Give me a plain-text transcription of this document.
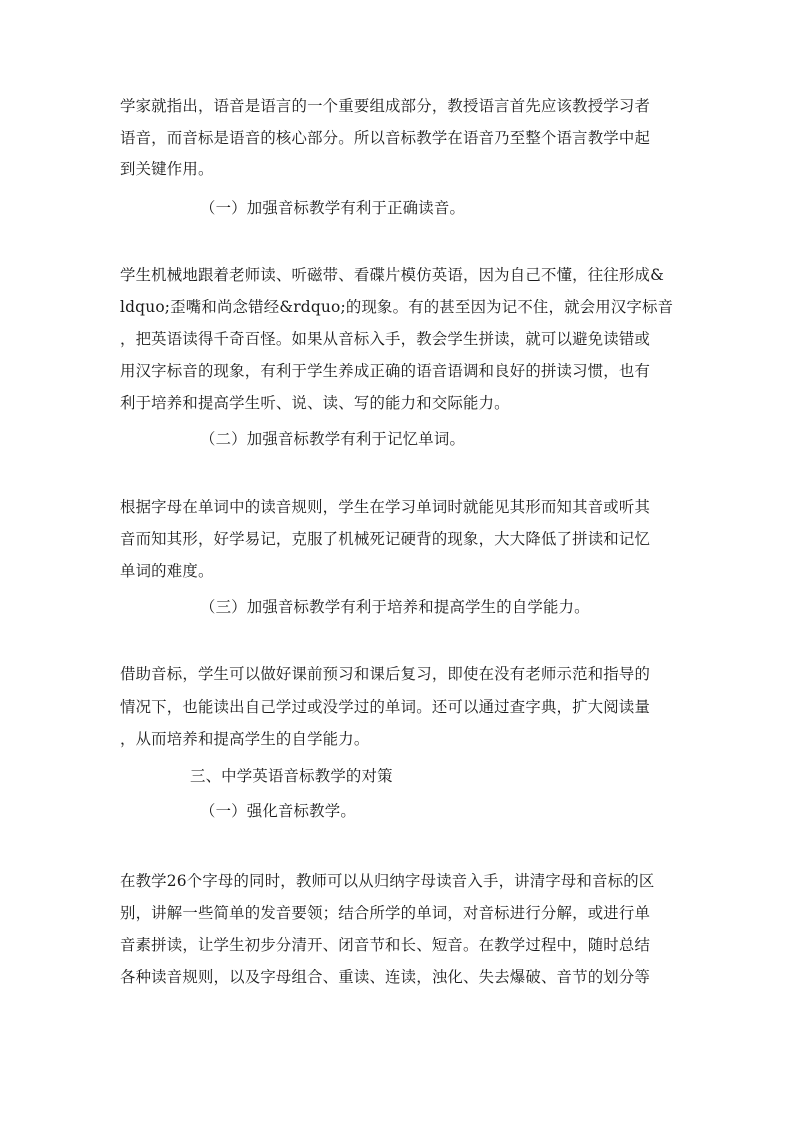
学家就指出，语音是语言的一个重要组成部分，教授语言首先应该教授学习者
语音，而音标是语音的核心部分。所以音标教学在语音乃至整个语言教学中起
到关键作用。
（一）加强音标教学有利于正确读音。
学生机械地跟着老师读、听磁带、看碟片模仿英语，因为自己不懂，往往形成&
ldquo;歪嘴和尚念错经&rdquo;的现象。有的甚至因为记不住，就会用汉字标音
，把英语读得千奇百怪。如果从音标入手，教会学生拼读，就可以避免读错或
用汉字标音的现象，有利于学生养成正确的语音语调和良好的拼读习惯，也有
利于培养和提高学生听、说、读、写的能力和交际能力。
（二）加强音标教学有利于记忆单词。
根据字母在单词中的读音规则，学生在学习单词时就能见其形而知其音或听其
音而知其形，好学易记，克服了机械死记硬背的现象，大大降低了拼读和记忆
单词的难度。
（三）加强音标教学有利于培养和提高学生的自学能力。
借助音标，学生可以做好课前预习和课后复习，即使在没有老师示范和指导的
情况下，也能读出自己学过或没学过的单词。还可以通过查字典，扩大阅读量
，从而培养和提高学生的自学能力。
三、中学英语音标教学的对策
（一）强化音标教学。
在教学26个字母的同时，教师可以从归纳字母读音入手，讲清字母和音标的区
别，讲解一些简单的发音要领；结合所学的单词，对音标进行分解，或进行单
音素拼读，让学生初步分清开、闭音节和长、短音。在教学过程中，随时总结
各种读音规则，以及字母组合、重读、连读，浊化、失去爆破、音节的划分等
